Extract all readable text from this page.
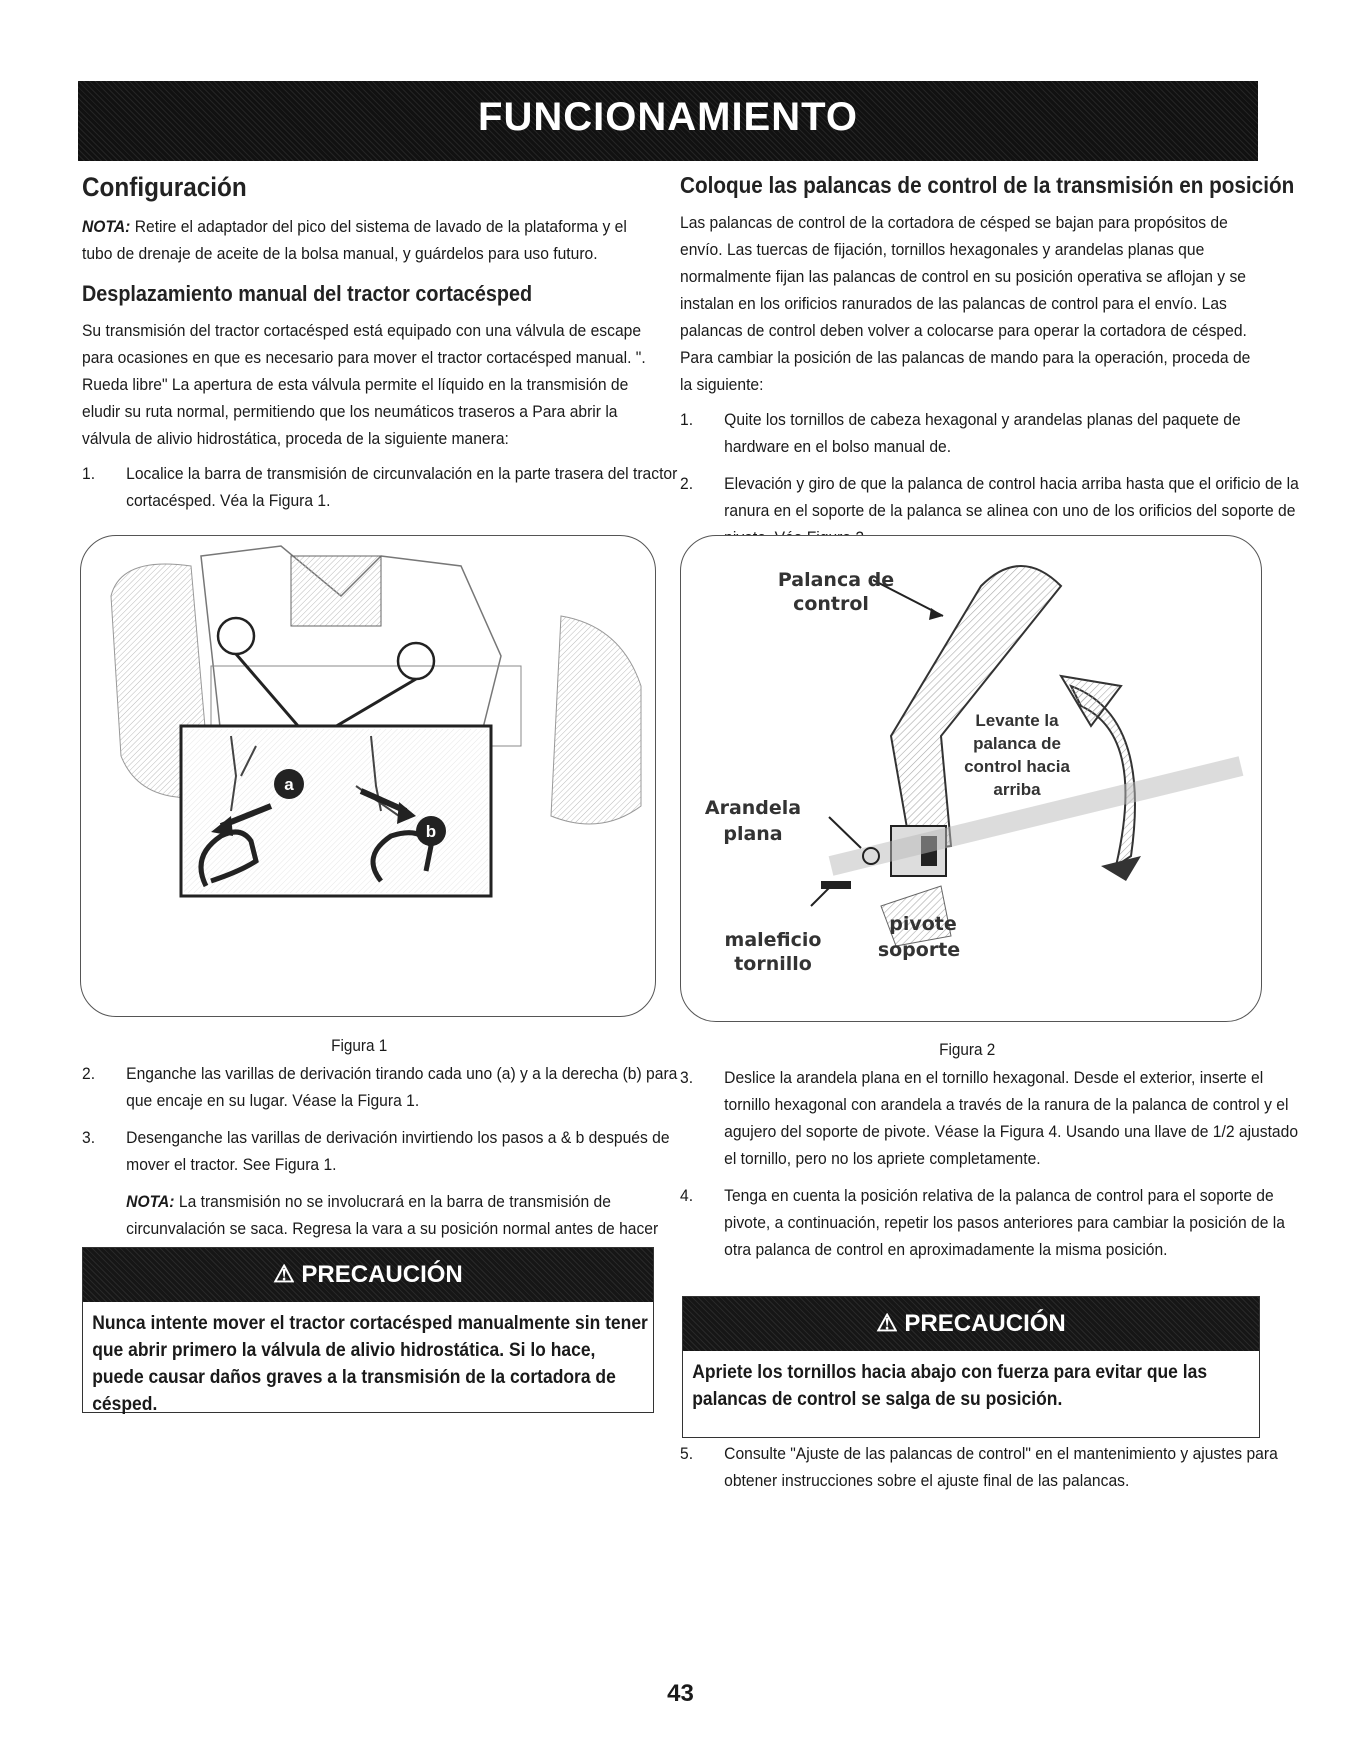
FUNCIONAMIENTO
Configuración

NOTA: Retire el adaptador del pico del sistema de lavado de la plataforma y el tubo de drenaje de aceite de la bolsa manual, y guárdelos para uso futuro.

Desplazamiento manual del tractor cortacésped

Su transmisión del tractor cortacésped está equipado con una válvula de escape para ocasiones en que es necesario para mover el tractor cortacésped manual. ". Rueda libre" La apertura de esta válvula permite el líquido en la transmisión de eludir su ruta normal, permitiendo que los neumáticos traseros a Para abrir la válvula de alivio hidrostática, proceda de la siguiente manera:

1. Localice la barra de transmisión de circunvalación en la parte trasera del tractor cortacésped. Véa la Figura 1.
a
b
Figura 1
2. Enganche las varillas de derivación tirando cada uno (a) y a la derecha (b) para que encaje en su lugar. Véase la Figura 1.
3. Desenganche las varillas de derivación invirtiendo los pasos a & b después de mover el tractor. See Figura 1.

NOTA: La transmisión no se involucrará en la barra de transmisión de circunvalación se saca. Regresa la vara a su posición normal antes de hacer

⚠ PRECAUCIÓN
Nunca intente mover el tractor cortacésped manualmente sin tener que abrir primero la válvula de alivio hidrostática. Si lo hace, puede causar daños graves a la transmisión de la cortadora de césped.
Coloque las palancas de control de la transmisión en posición

Las palancas de control de la cortadora de césped se bajan para propósitos de envío. Las tuercas de fijación, tornillos hexagonales y arandelas planas que normalmente fijan las palancas de control en su posición operativa se aflojan y se instalan en los orificios ranurados de las palancas de control para el envío. Las palancas de control deben volver a colocarse para operar la cortadora de césped. Para cambiar la posición de las palancas de mando para la operación, proceda de la siguiente:

1. Quite los tornillos de cabeza hexagonal y arandelas planas del paquete de hardware en el bolso manual de.
2. Elevación y giro de que la palanca de control hacia arriba hasta que el orificio de la ranura en el soporte de la palanca se alinea con uno de los orificios del soporte de
Palanca de
control
Levante la
palanca de
control hacia
arriba
Arandela
plana
maleficio
tornillo
pivote
soporte
Figura 2
3. Deslice la arandela plana en el tornillo hexagonal. Desde el exterior, inserte el tornillo hexagonal con arandela a través de la ranura de la palanca de control y el agujero del soporte de pivote. Véase la Figura 4. Usando una llave de 1/2 ajustado el tornillo, pero no los apriete completamente.
4. Tenga en cuenta la posición relativa de la palanca de control para el soporte de pivote, a continuación, repetir los pasos anteriores para cambiar la posición de la otra palanca de control en aproximadamente la misma posición.
⚠ PRECAUCIÓN
Apriete los tornillos hacia abajo con fuerza para evitar que las palancas de control se salga de su posición.
5. Consulte "Ajuste de las palancas de control" en el mantenimiento y ajustes para obtener instrucciones sobre el ajuste final de las palancas.
43
